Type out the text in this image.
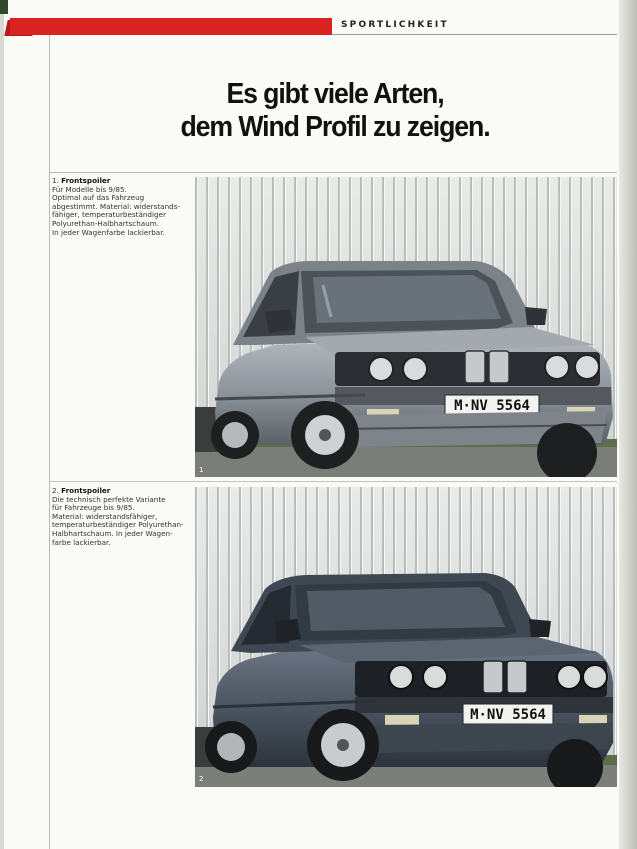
SPORTLICHKEIT
Es gibt viele Arten,
dem Wind Profil zu zeigen.
1. Frontspoiler

Für Modelle bis 9/85.
Optimal auf das Fahrzeug
abgestimmt. Material: widerstands-
fähiger, temperaturbeständiger
Polyurethan-Halbhartschaum.
In jeder Wagenfarbe lackierbar.

2. Frontspoiler

Die technisch perfekte Variante
für Fahrzeuge bis 9/85.
Material: widerstandsfähiger,
temperaturbeständiger Polyurethan-
Halbhartschaum. In jeder Wagen-
farbe lackierbar.

M·NV 5564
1
M·NV 5564
2
